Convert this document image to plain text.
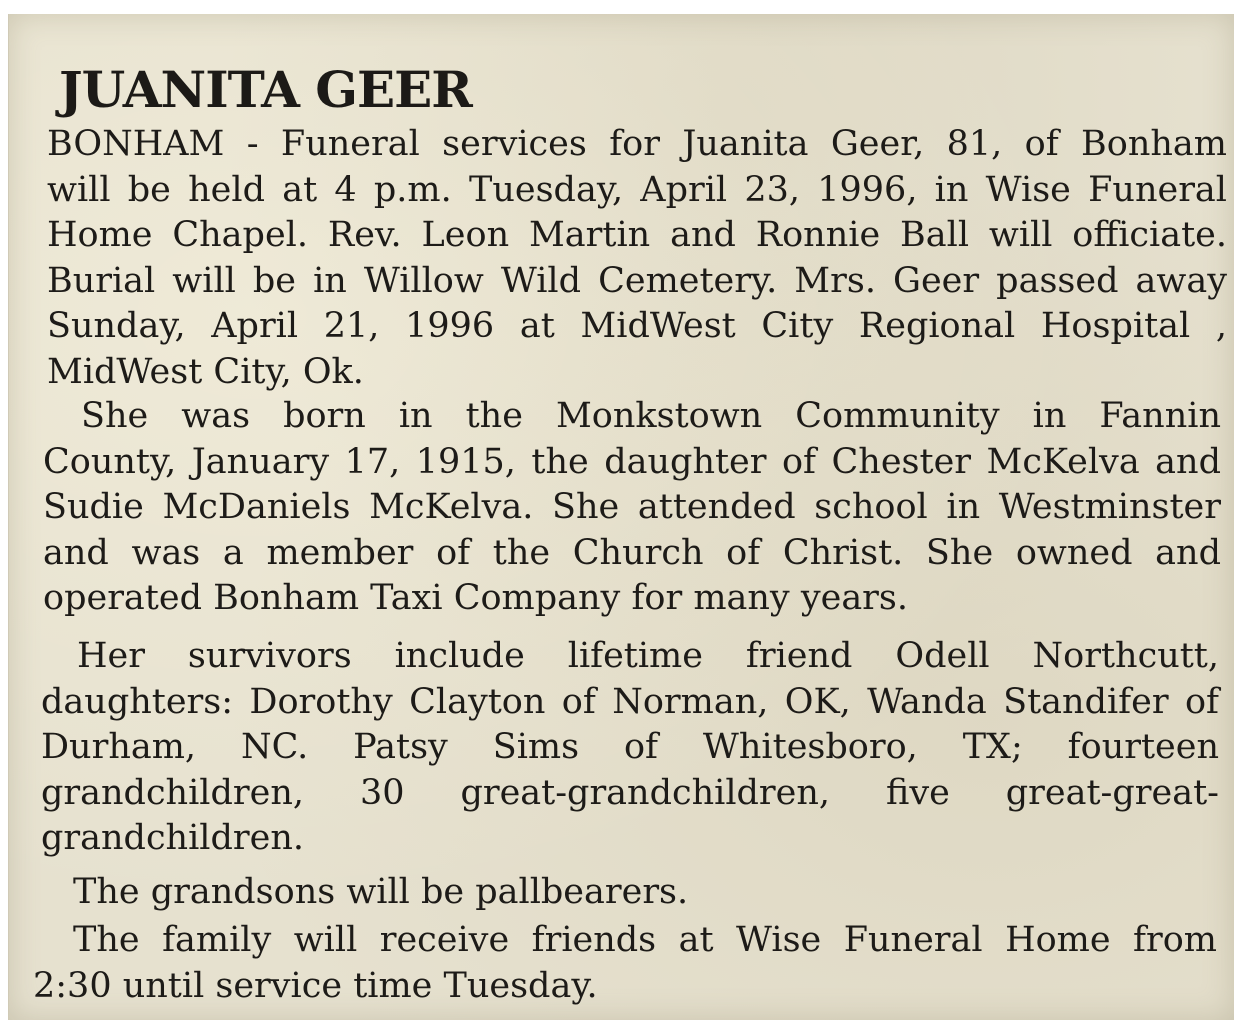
JUANITA GEER
BONHAM - Funeral services for Juanita Geer, 81, of Bonham
will be held at 4 p.m. Tuesday, April 23, 1996, in Wise Funeral
Home Chapel. Rev. Leon Martin and Ronnie Ball will officiate.
Burial will be in Willow Wild Cemetery. Mrs. Geer passed away
Sunday, April 21, 1996 at MidWest City Regional Hospital ,
MidWest City, Ok.
She was born in the Monkstown Community in Fannin
County, January 17, 1915, the daughter of Chester McKelva and
Sudie McDaniels McKelva. She attended school in Westminster
and was a member of the Church of Christ. She owned and
operated Bonham Taxi Company for many years.
Her survivors include lifetime friend Odell Northcutt,
daughters: Dorothy Clayton of Norman, OK, Wanda Standifer of
Durham, NC. Patsy Sims of Whitesboro, TX; fourteen
grandchildren, 30 great-grandchildren, five great-great-
grandchildren.
The grandsons will be pallbearers.
The family will receive friends at Wise Funeral Home from
2:30 until service time Tuesday.
